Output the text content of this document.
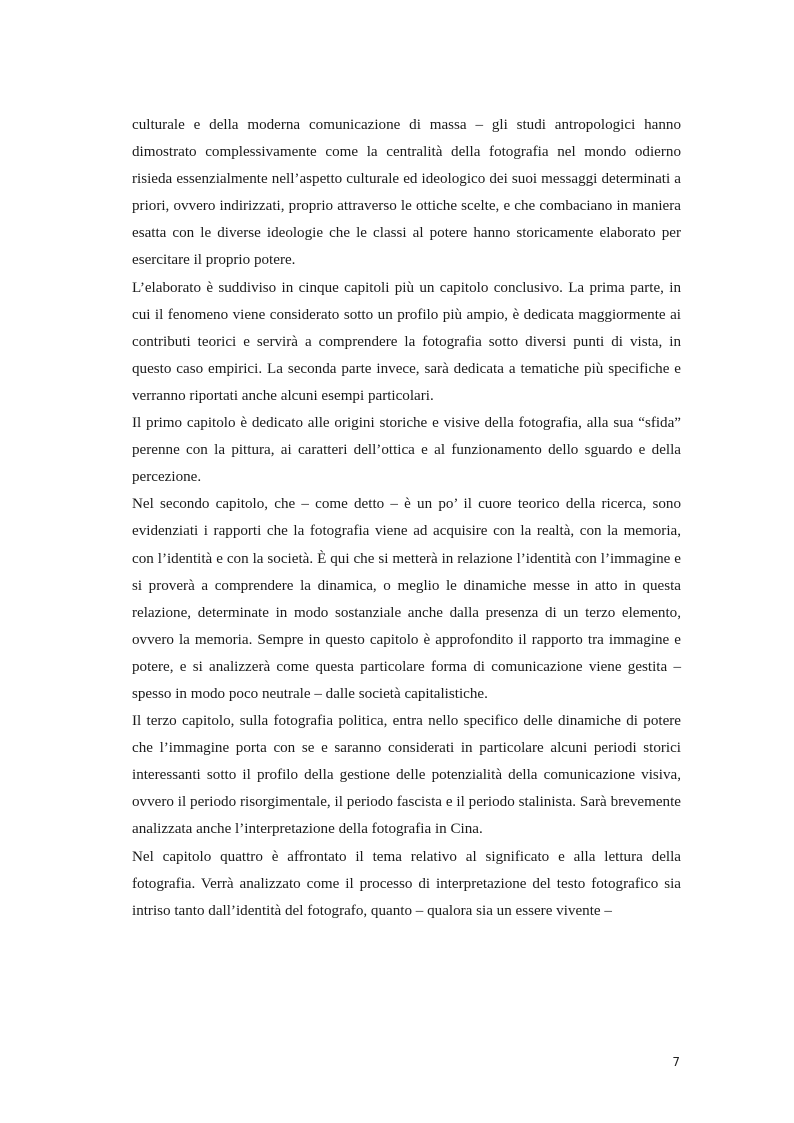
culturale e della moderna comunicazione di massa – gli studi antropologici hanno dimostrato complessivamente come la centralità della fotografia nel mondo odierno risieda essenzialmente nell’aspetto culturale ed ideologico dei suoi messaggi determinati a priori, ovvero indirizzati, proprio attraverso le ottiche scelte, e che combaciano in maniera esatta con le diverse ideologie che le classi al potere hanno storicamente elaborato per esercitare il proprio potere.

L’elaborato è suddiviso in cinque capitoli più un capitolo conclusivo. La prima parte, in cui il fenomeno viene considerato sotto un profilo più ampio, è dedicata maggiormente ai contributi teorici e servirà a comprendere la fotografia sotto diversi punti di vista, in questo caso empirici. La seconda parte invece, sarà dedicata a tematiche più specifiche e verranno riportati anche alcuni esempi particolari.

Il primo capitolo è dedicato alle origini storiche e visive della fotografia, alla sua “sfida” perenne con la pittura, ai caratteri dell’ottica e al funzionamento dello sguardo e della percezione.

Nel secondo capitolo, che – come detto – è un po’ il cuore teorico della ricerca, sono evidenziati i rapporti che la fotografia viene ad acquisire con la realtà, con la memoria, con l’identità e con la società. È qui che si metterà in relazione l’identità con l’immagine e si proverà a comprendere la dinamica, o meglio le dinamiche messe in atto in questa relazione, determinate in modo sostanziale anche dalla presenza di un terzo elemento, ovvero la memoria. Sempre in questo capitolo è approfondito il rapporto tra immagine e potere, e si analizzerà come questa particolare forma di comunicazione viene gestita – spesso in modo poco neutrale – dalle società capitalistiche.

Il terzo capitolo, sulla fotografia politica, entra nello specifico delle dinamiche di potere che l’immagine porta con se e saranno considerati in particolare alcuni periodi storici interessanti sotto il profilo della gestione delle potenzialità della comunicazione visiva, ovvero il periodo risorgimentale, il periodo fascista e il periodo stalinista. Sarà brevemente analizzata anche l’interpretazione della fotografia in Cina.

Nel capitolo quattro è affrontato il tema relativo al significato e alla lettura della fotografia. Verrà analizzato come il processo di interpretazione del testo fotografico sia intriso tanto dall’identità del fotografo, quanto – qualora sia un essere vivente –

7
